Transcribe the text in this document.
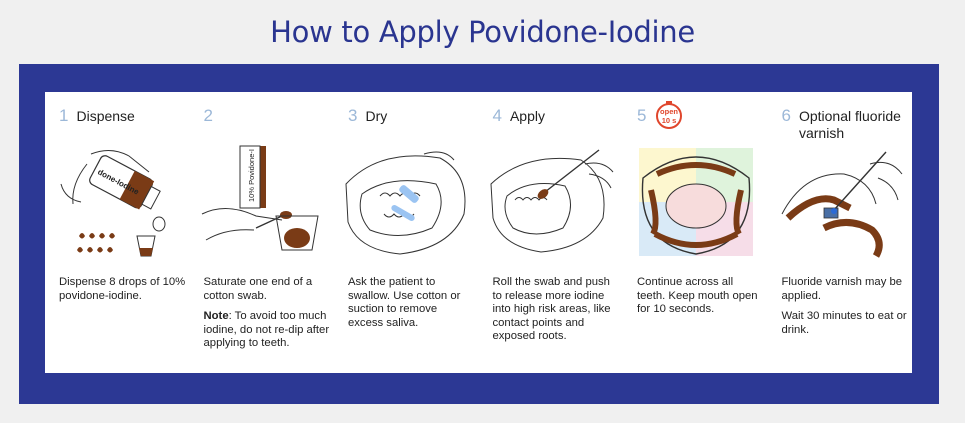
How to Apply Povidone-Iodine
1 Dispense
done-Iodine

Dispense 8 drops of 10% povidone-iodine.

2
10% Povidone-I

Saturate one end of a cotton swab.

Note: To avoid too much iodine, do not re-dip after applying to teeth.

3 Dry

Ask the patient to swallow. Use cotton or suction to remove excess saliva.

4 Apply

Roll the swab and push to release more iodine into high risk areas, like contact points and exposed roots.

5 open
10 s

Continue across all teeth. Keep mouth open for 10 seconds.

6 Optional fluoride varnish

Fluoride varnish may be applied.

Wait 30 minutes to eat or drink.
